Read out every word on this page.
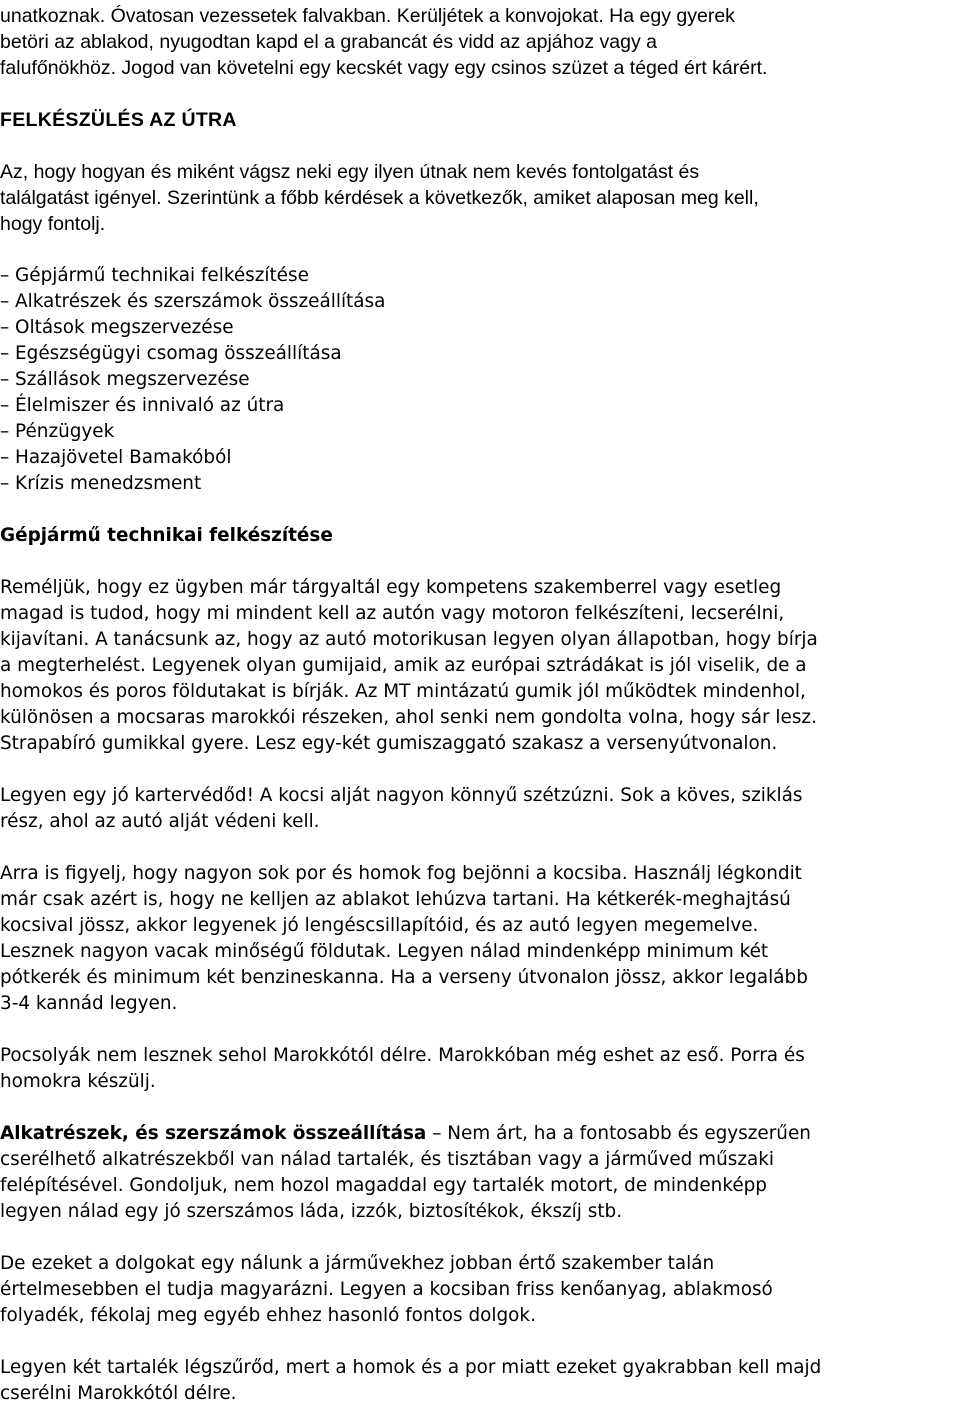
unatkoznak. Óvatosan vezessetek falvakban. Kerüljétek a konvojokat. Ha egy gyerek
betöri az ablakod, nyugodtan kapd el a grabancát és vidd az apjához vagy a
falufőnökhöz. Jogod van követelni egy kecskét vagy egy csinos szüzet a téged ért kárért.
FELKÉSZÜLÉS AZ ÚTRA
Az, hogy hogyan és miként vágsz neki egy ilyen útnak nem kevés fontolgatást és
találgatást igényel. Szerintünk a főbb kérdések a következők, amiket alaposan meg kell,
hogy fontolj.
– Gépjármű technikai felkészítése
– Alkatrészek és szerszámok összeállítása
– Oltások megszervezése
– Egészségügyi csomag összeállítása
– Szállások megszervezése
– Élelmiszer és innivaló az útra
– Pénzügyek
– Hazajövetel Bamakóból
– Krízis menedzsment
Gépjármű technikai felkészítése
Reméljük, hogy ez ügyben már tárgyaltál egy kompetens szakemberrel vagy esetleg
magad is tudod, hogy mi mindent kell az autón vagy motoron felkészíteni, lecserélni,
kijavítani. A tanácsunk az, hogy az autó motorikusan legyen olyan állapotban, hogy bírja
a megterhelést. Legyenek olyan gumijaid, amik az európai sztrádákat is jól viselik, de a
homokos és poros földutakat is bírják. Az MT mintázatú gumik jól működtek mindenhol,
különösen a mocsaras marokkói részeken, ahol senki nem gondolta volna, hogy sár lesz.
Strapabíró gumikkal gyere. Lesz egy-két gumiszaggató szakasz a versenyútvonalon.
Legyen egy jó kartervédőd! A kocsi alját nagyon könnyű szétzúzni. Sok a köves, sziklás
rész, ahol az autó alját védeni kell.
Arra is figyelj, hogy nagyon sok por és homok fog bejönni a kocsiba. Használj légkondit
már csak azért is, hogy ne kelljen az ablakot lehúzva tartani. Ha kétkerék-meghajtású
kocsival jössz, akkor legyenek jó lengéscsillapítóid, és az autó legyen megemelve.
Lesznek nagyon vacak minőségű földutak. Legyen nálad mindenképp minimum két
pótkerék és minimum két benzineskanna. Ha a verseny útvonalon jössz, akkor legalább
3-4 kannád legyen.
Pocsolyák nem lesznek sehol Marokkótól délre. Marokkóban még eshet az eső. Porra és
homokra készülj.
Alkatrészek, és szerszámok összeállítása – Nem árt, ha a fontosabb és egyszerűen
cserélhető alkatrészekből van nálad tartalék, és tisztában vagy a járműved műszaki
felépítésével. Gondoljuk, nem hozol magaddal egy tartalék motort, de mindenképp
legyen nálad egy jó szerszámos láda, izzók, biztosítékok, ékszíj stb.
De ezeket a dolgokat egy nálunk a járművekhez jobban értő szakember talán
értelmesebben el tudja magyarázni. Legyen a kocsiban friss kenőanyag, ablakmosó
folyadék, fékolaj meg egyéb ehhez hasonló fontos dolgok.
Legyen két tartalék légszűrőd, mert a homok és a por miatt ezeket gyakrabban kell majd
cserélni Marokkótól délre.
